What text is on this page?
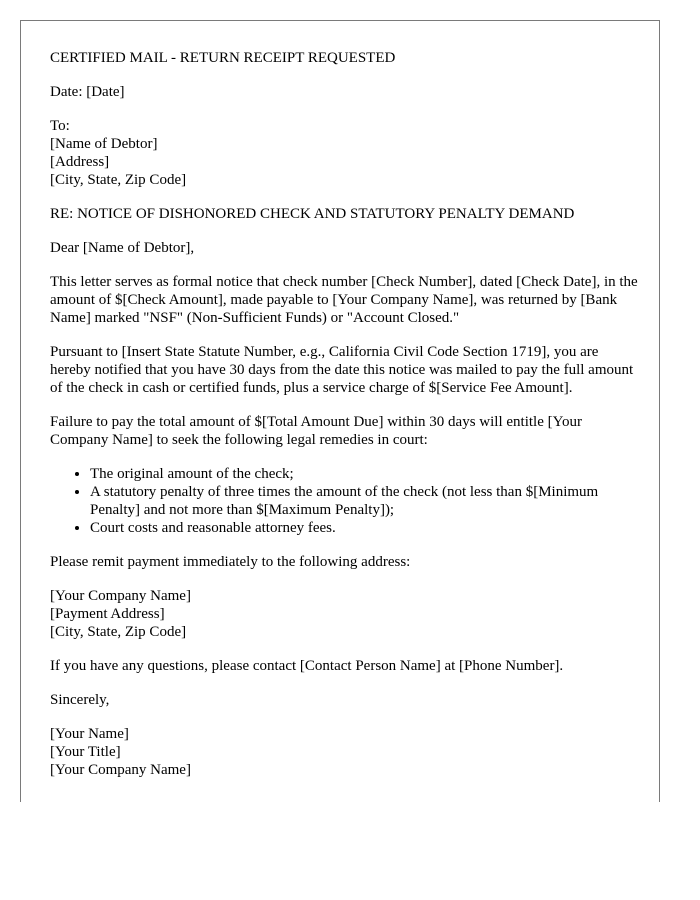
CERTIFIED MAIL - RETURN RECEIPT REQUESTED

Date: [Date]

To:
[Name of Debtor]
[Address]
[City, State, Zip Code]

RE: NOTICE OF DISHONORED CHECK AND STATUTORY PENALTY DEMAND

Dear [Name of Debtor],

This letter serves as formal notice that check number [Check Number], dated [Check Date], in the amount of $[Check Amount], made payable to [Your Company Name], was returned by [Bank Name] marked "NSF" (Non-Sufficient Funds) or "Account Closed."

Pursuant to [Insert State Statute Number, e.g., California Civil Code Section 1719], you are hereby notified that you have 30 days from the date this notice was mailed to pay the full amount of the check in cash or certified funds, plus a service charge of $[Service Fee Amount].

Failure to pay the total amount of $[Total Amount Due] within 30 days will entitle [Your Company Name] to seek the following legal remedies in court:

• The original amount of the check;
• A statutory penalty of three times the amount of the check (not less than $[Minimum Penalty] and not more than $[Maximum Penalty]);
• Court costs and reasonable attorney fees.

Please remit payment immediately to the following address:

[Your Company Name]
[Payment Address]
[City, State, Zip Code]

If you have any questions, please contact [Contact Person Name] at [Phone Number].

Sincerely,

[Your Name]
[Your Title]
[Your Company Name]
